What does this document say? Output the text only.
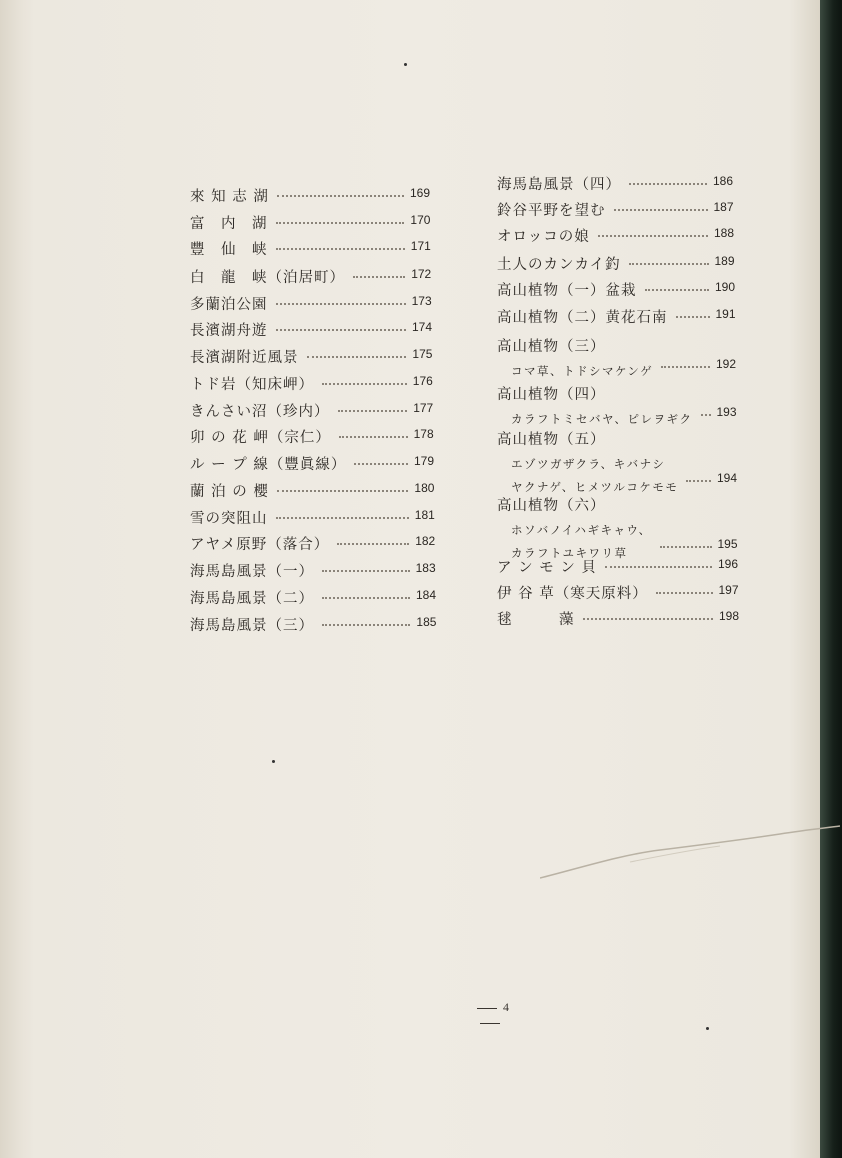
來 知 志 湖
富　内　湖
豐　仙　峡
白　龍　峡（泊居町）
多蘭泊公園
長濱湖舟遊
長濱湖附近風景
トド岩（知床岬）
きんさい沼（珍内）
卯 の 花 岬（宗仁）
ル ー プ 線（豐眞線）
蘭 泊 の 櫻
雪の突阻山
アヤメ原野（落合）
海馬島風景（一）
海馬島風景（二）
海馬島風景（三）
海馬島風景（四）
鈴谷平野を望む
オロッコの娘
土人のカンカイ釣
高山植物（一）盆栽
高山植物（二）黄花石南
高山植物（三）
コマ草、トドシマケンゲ
高山植物（四）
カラフトミセバヤ、ピレヲギク
高山植物（五）
エゾツガザクラ、キバナシ
ヤクナゲ、ヒメツルコケモモ
高山植物（六）
ホソバノイハギキャウ、
カラフトユキワリ草
ア ン モ ン 貝
伊 谷 草（寒天原料）
毬　　　藻
4
169
170
171
172
173
174
175
176
177
178
179
180
181
182
183
184
185
186
187
188
189
190
191
192
193
194
195
196
197
198
